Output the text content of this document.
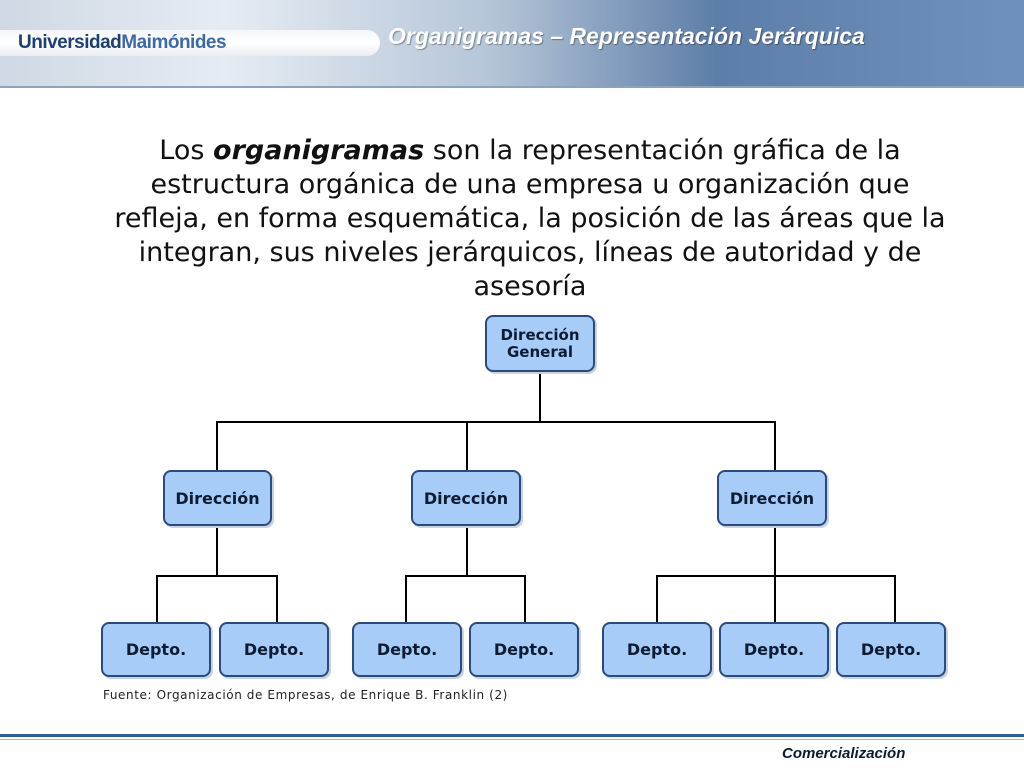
UniversidadMaimónides	Organigramas – Representación Jerárquica
Los organigramas son la representación gráfica de la estructura orgánica de una empresa u organización que refleja, en forma esquemática, la posición de las áreas que la integran, sus niveles jerárquicos, líneas de autoridad y de asesoría
Dirección
General
Dirección	Dirección	Dirección
Depto.	Depto.	Depto.	Depto.	Depto.	Depto.	Depto.
Fuente: Organización de Empresas, de Enrique B. Franklin (2)
Comercialización
